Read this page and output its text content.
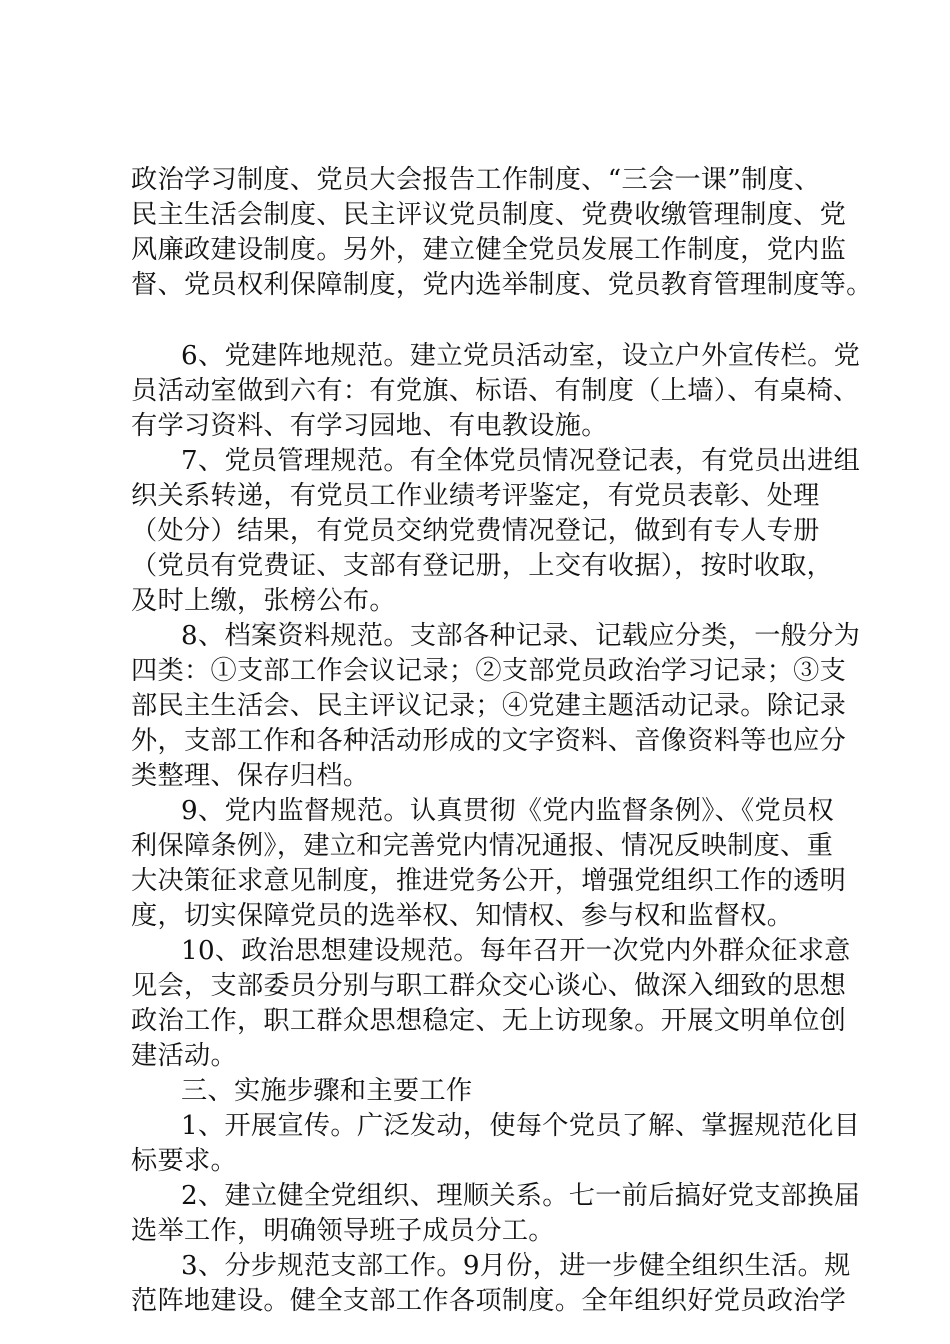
政治学习制度、党员大会报告工作制度、“三会一课”制度、
民主生活会制度、民主评议党员制度、党费收缴管理制度、党
风廉政建设制度。另外，建立健全党员发展工作制度，党内监
督、党员权利保障制度，党内选举制度、党员教育管理制度等。
6、党建阵地规范。建立党员活动室，设立户外宣传栏。党
员活动室做到六有：有党旗、标语、有制度（上墙）、有桌椅、
有学习资料、有学习园地、有电教设施。
7、党员管理规范。有全体党员情况登记表，有党员出进组
织关系转递，有党员工作业绩考评鉴定，有党员表彰、处理
（处分）结果，有党员交纳党费情况登记，做到有专人专册
（党员有党费证、支部有登记册，上交有收据），按时收取，
及时上缴，张榜公布。
8、档案资料规范。支部各种记录、记载应分类，一般分为
四类：①支部工作会议记录；②支部党员政治学习记录；③支
部民主生活会、民主评议记录；④党建主题活动记录。除记录
外，支部工作和各种活动形成的文字资料、音像资料等也应分
类整理、保存归档。
9、党内监督规范。认真贯彻《党内监督条例》、《党员权
利保障条例》，建立和完善党内情况通报、情况反映制度、重
大决策征求意见制度，推进党务公开，增强党组织工作的透明
度，切实保障党员的选举权、知情权、参与权和监督权。
10、政治思想建设规范。每年召开一次党内外群众征求意
见会，支部委员分别与职工群众交心谈心、做深入细致的思想
政治工作，职工群众思想稳定、无上访现象。开展文明单位创
建活动。
三、实施步骤和主要工作
1、开展宣传。广泛发动，使每个党员了解、掌握规范化目
标要求。
2、建立健全党组织、理顺关系。七一前后搞好党支部换届
选举工作，明确领导班子成员分工。
3、分步规范支部工作。9月份，进一步健全组织生活。规
范阵地建设。健全支部工作各项制度。全年组织好党员政治学
